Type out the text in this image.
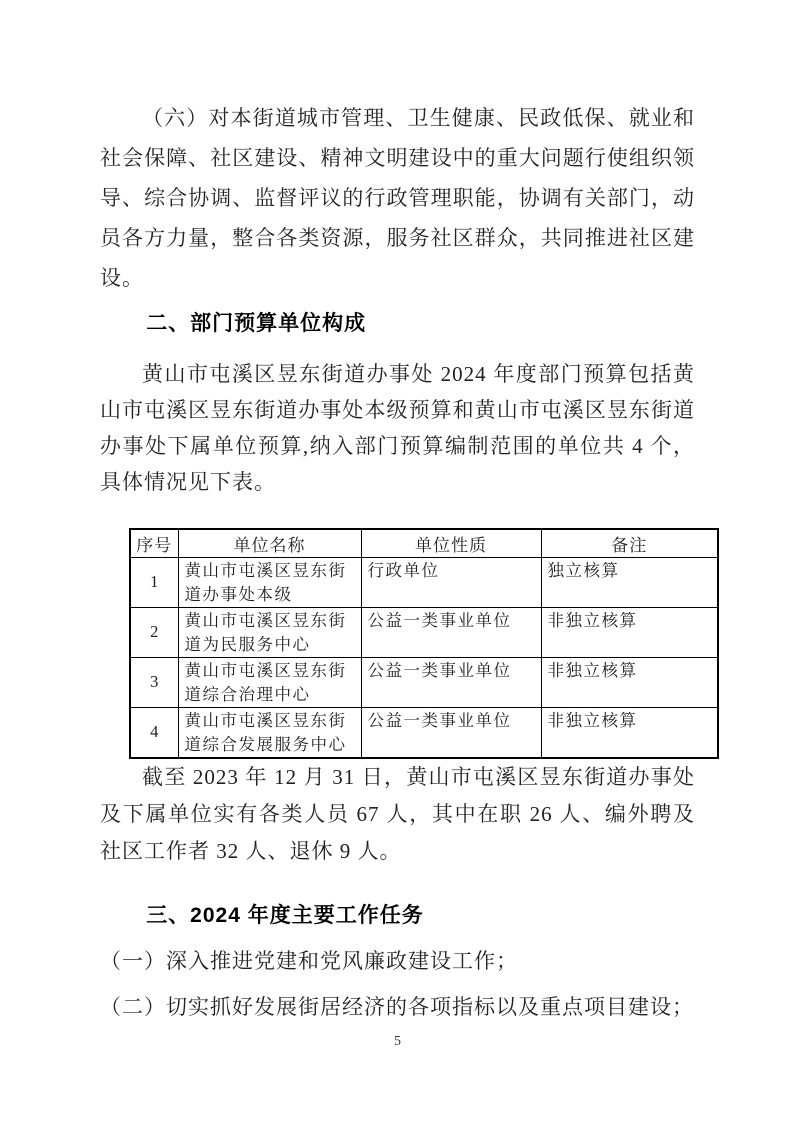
（六）对本街道城市管理、卫生健康、民政低保、就业和社会保障、社区建设、精神文明建设中的重大问题行使组织领导、综合协调、监督评议的行政管理职能，协调有关部门，动员各方力量，整合各类资源，服务社区群众，共同推进社区建设。

二、部门预算单位构成

黄山市屯溪区昱东街道办事处 2024 年度部门预算包括黄山市屯溪区昱东街道办事处本级预算和黄山市屯溪区昱东街道办事处下属单位预算,纳入部门预算编制范围的单位共 4 个，具体情况见下表。

序号	单位名称	单位性质	备注
1	黄山市屯溪区昱东街道办事处本级	行政单位	独立核算
2	黄山市屯溪区昱东街道为民服务中心	公益一类事业单位	非独立核算
3	黄山市屯溪区昱东街道综合治理中心	公益一类事业单位	非独立核算
4	黄山市屯溪区昱东街道综合发展服务中心	公益一类事业单位	非独立核算

截至 2023 年 12 月 31 日，黄山市屯溪区昱东街道办事处及下属单位实有各类人员 67 人，其中在职 26 人、编外聘及社区工作者 32 人、退休 9 人。

三、2024 年度主要工作任务

（一）深入推进党建和党风廉政建设工作；

（二）切实抓好发展街居经济的各项指标以及重点项目建设；

5
